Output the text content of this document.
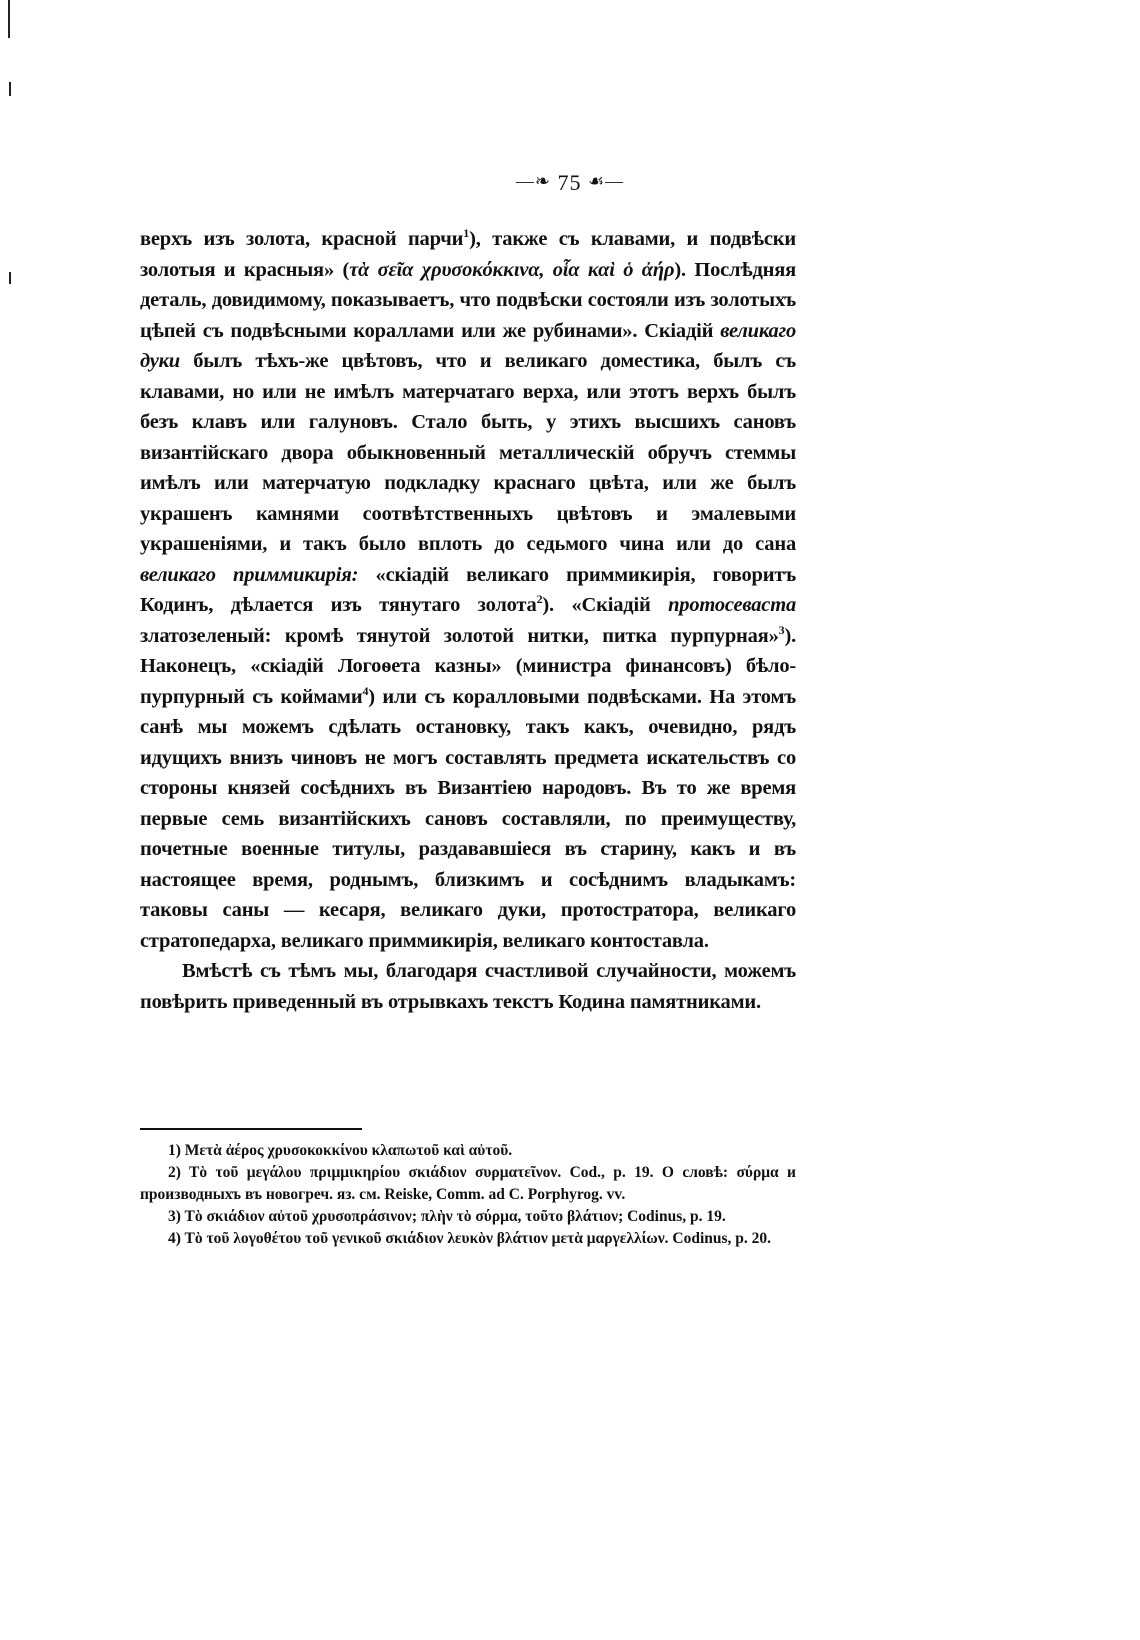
—❧ 75 ☙—

верхъ изъ золота, красной парчи$^1$), также съ клавами, и подвѣски золотыя и красныя» (τὰ σεῖα χρυσοκόκκινα, οἷα καὶ ὁ ἀήρ). Послѣдняя деталь, довидимому, показываетъ, что подвѣски состояли изъ золотыхъ цѣпей съ подвѣсными кораллами или же рубинами». Скіадій великаго дуки былъ тѣхъ-же цвѣтовъ, что и великаго доместика, былъ съ клавами, но или не имѣлъ матерчатаго верха, или этотъ верхъ былъ безъ клавъ или галуновъ. Стало быть, у этихъ высшихъ сановъ византійскаго двора обыкновенный металлическій обручъ стеммы имѣлъ или матерчатую подкладку краснаго цвѣта, или же былъ украшенъ камнями соотвѣтственныхъ цвѣтовъ и эмалевыми украшеніями, и такъ было вплоть до седьмого чина или до сана великаго приммикирія: «скіадій великаго приммикирія, говоритъ Кодинъ, дѣлается изъ тянутаго золота$^2$). «Скіадій протосеваста златозеленый: кромѣ тянутой золотой нитки, питка пурпурная»$^3$). Наконецъ, «скіадій Логоѳета казны» (министра финансовъ) бѣло-пурпурный съ коймами$^4$) или съ коралловыми подвѣсками. На этомъ санѣ мы можемъ сдѣлать остановку, такъ какъ, очевидно, рядъ идущихъ внизъ чиновъ не могъ составлять предмета искательствъ со стороны князей сосѣднихъ въ Византіею народовъ. Въ то же время первые семь византійскихъ сановъ составляли, по преимуществу, почетные военные титулы, раздававшіеся въ старину, какъ и въ настоящее время, роднымъ, близкимъ и сосѣднимъ владыкамъ: таковы саны — кесаря, великаго дуки, протостратора, великаго стратопедарха, великаго приммикирія, великаго контоставла.

Вмѣстѣ съ тѣмъ мы, благодаря счастливой случайности, можемъ повѣрить приведенный въ отрывкахъ текстъ Кодина памятниками.

1) Μετὰ ἀέρος χρυσοκοκκίνου κλαπωτοῦ καὶ αὐτοῦ.

2) Τὸ τοῦ μεγάλου πριμμικηρίου σκιάδιον συρματεῖνον. Cod., p. 19. О словѣ: σύρμα и производныхъ въ новогреч. яз. см. Reiske, Comm. ad C. Porphyrog. vv.

3) Τὸ σκιάδιον αὐτοῦ χρυσοπράσινον; πλὴν τὸ σύρμα, τοῦτο βλάτιον; Codinus, p. 19.

4) Τὸ τοῦ λογοθέτου τοῦ γενικοῦ σκιάδιον λευκὸν βλάτιον μετὰ μαργελλίων. Codinus, p. 20.
